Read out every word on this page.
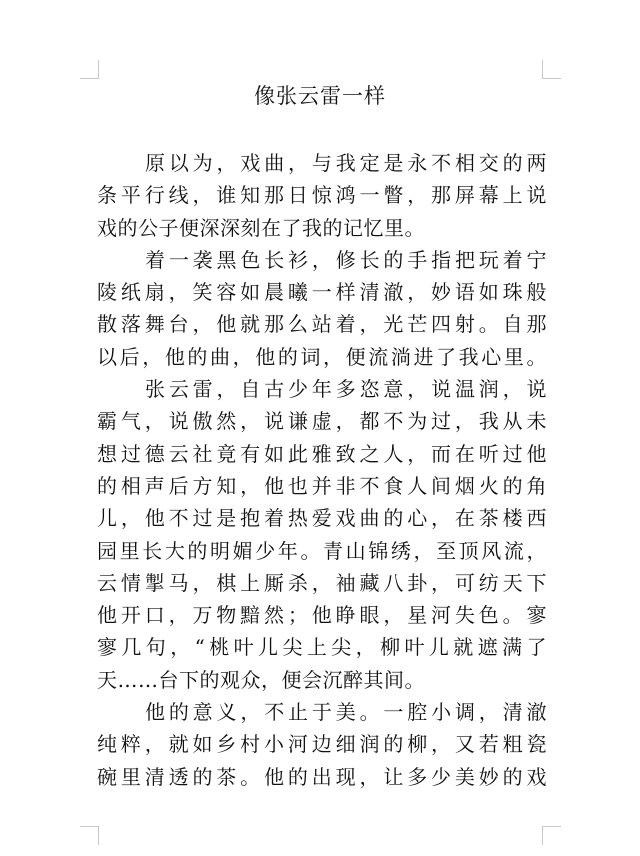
像张云雷一样
原以为，戏曲，与我定是永不相交的两
条平行线，谁知那日惊鸿一瞥，那屏幕上说
戏的公子便深深刻在了我的记忆里。
着一袭黑色长衫，修长的手指把玩着宁
陵纸扇，笑容如晨曦一样清澈，妙语如珠般
散落舞台，他就那么站着，光芒四射。自那
以后，他的曲，他的词，便流淌进了我心里。
张云雷，自古少年多恣意，说温润，说
霸气，说傲然，说谦虚，都不为过，我从未
想过德云社竟有如此雅致之人，而在听过他
的相声后方知，他也并非不食人间烟火的角
儿，他不过是抱着热爱戏曲的心，在茶楼西
园里长大的明媚少年。青山锦绣，至顶风流，
云情掣马，棋上厮杀，袖藏八卦，可纺天下
他开口，万物黯然；他睁眼，星河失色。寥
寥几句，“桃叶儿尖上尖，柳叶儿就遮满了
天……台下的观众，便会沉醉其间。
他的意义，不止于美。一腔小调，清澈
纯粹，就如乡村小河边细润的柳，又若粗瓷
碗里清透的茶。他的出现，让多少美妙的戏
